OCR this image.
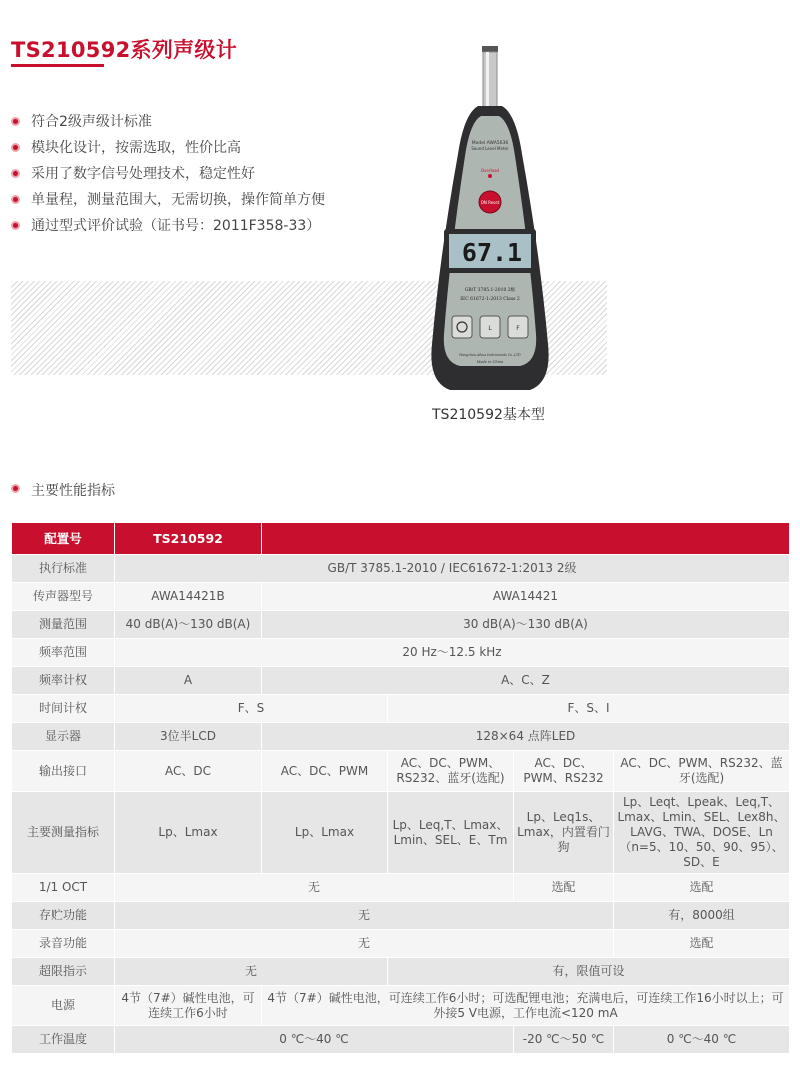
TS210592系列声级计
符合2级声级计标准
模块化设计，按需选取，性价比高
采用了数字信号处理技术，稳定性好
单量程，测量范围大，无需切换，操作简单方便
通过型式评价试验（证书号：2011F358-33）
Model AWA5636
Sound Level Meter
Overload
ON Reset
67.1
GB/T 3785.1-2010 2级
IEC 61672-1:2013 Class 2
L	F
Hangzhou Aihua Instruments Co.,LTD
Made in China
TS210592基本型
主要性能指标
配置号	TS210592				
执行标准	GB/T 3785.1-2010 / IEC61672-1:2013 2级				
传声器型号	AWA14421B	AWA14421			
测量范围	40 dB(A)～130 dB(A)	30 dB(A)～130 dB(A)			
频率范围	20 Hz～12.5 kHz				
频率计权	A	A、C、Z			
时间计权	F、S		F、S、I		
显示器	3位半LCD	128×64 点阵LED			
输出接口	AC、DC	AC、DC、PWM	AC、DC、PWM、RS232、蓝牙(选配)	AC、DC、PWM、RS232	AC、DC、PWM、RS232、蓝牙(选配)
主要测量指标	Lp、Lmax	Lp、Lmax	Lp、Leq,T、Lmax、Lmin、SEL、E、Tm	Lp、Leq1s、Lmax，内置看门狗	Lp、Leqt、Lpeak、Leq,T、Lmax、Lmin、SEL、Lex8h、LAVG、TWA、DOSE、Ln（n=5、10、50、90、95）、SD、E
1/1 OCT	无			选配	选配
存贮功能	无				有，8000组
录音功能	无				选配
超限指示	无		有，限值可设		
电源	4节（7#）碱性电池，可连续工作6小时	4节（7#）碱性电池，可连续工作6小时；可选配锂电池；充满电后，可连续工作16小时以上；可外接5 V电源，工作电流<120 mA			
工作温度	0 ℃～40 ℃			-20 ℃～50 ℃	0 ℃～40 ℃
